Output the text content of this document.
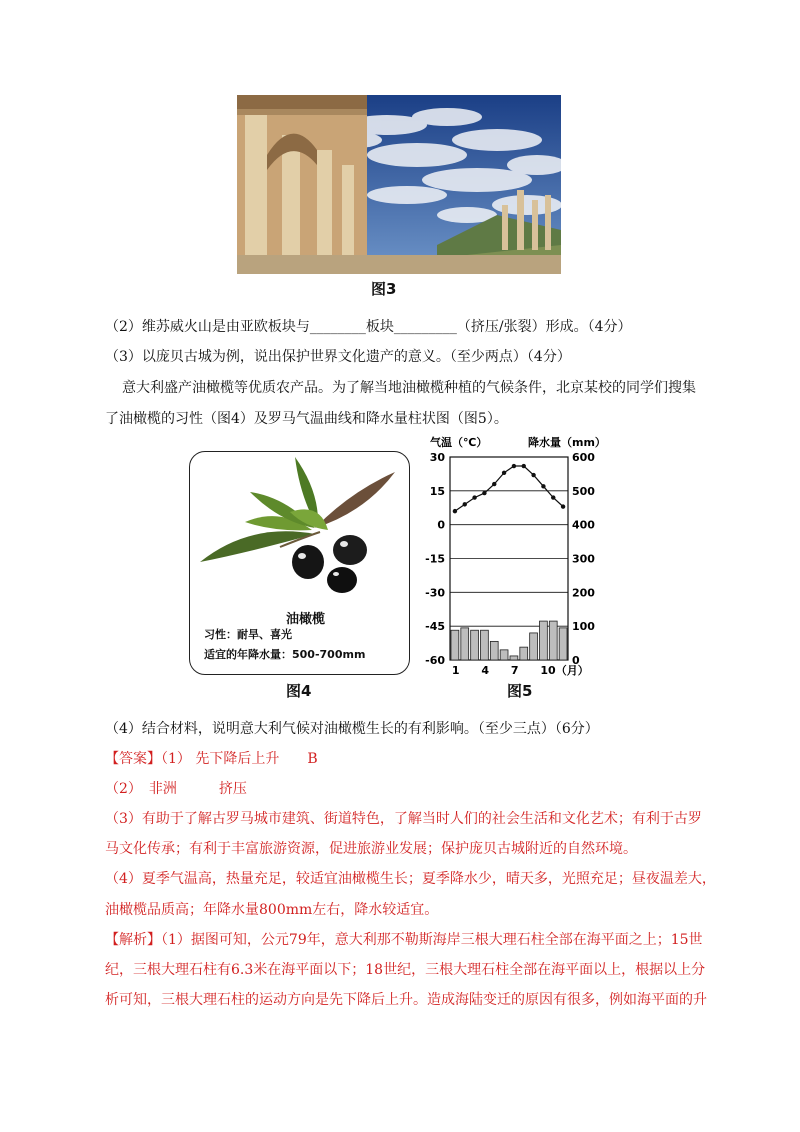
图3
（2）维苏威火山是由亚欧板块与________板块_________（挤压/张裂）形成。（4分）
（3）以庞贝古城为例，说出保护世界文化遗产的意义。（至少两点）（4分）
意大利盛产油橄榄等优质农产品。为了解当地油橄榄种植的气候条件，北京某校的同学们搜集
了油橄榄的习性（图4）及罗马气温曲线和降水量柱状图（图5）。
油橄榄
习性：耐旱、喜光
适宜的年降水量：500-700mm
图4
气温（℃）	降水量（mm）
30
15
0
-15
-30
-45
-60
600
500
400
300
200
100
0
1 4 7 10（月）
图5
（4）结合材料，说明意大利气候对油橄榄生长的有利影响。（至少三点）（6分）
【答案】（1） 先下降后上升　　B
（2）　非洲　　　挤压
（3）有助于了解古罗马城市建筑、街道特色，了解当时人们的社会生活和文化艺术；有利于古罗
马文化传承；有利于丰富旅游资源，促进旅游业发展；保护庞贝古城附近的自然环境。
（4）夏季气温高，热量充足，较适宜油橄榄生长；夏季降水少，晴天多，光照充足；昼夜温差大，
油橄榄品质高；年降水量800mm左右，降水较适宜。
【解析】（1）据图可知，公元79年，意大利那不勒斯海岸三根大理石柱全部在海平面之上；15世
纪，三根大理石柱有6.3米在海平面以下；18世纪，三根大理石柱全部在海平面以上，根据以上分
析可知，三根大理石柱的运动方向是先下降后上升。造成海陆变迁的原因有很多，例如海平面的升
